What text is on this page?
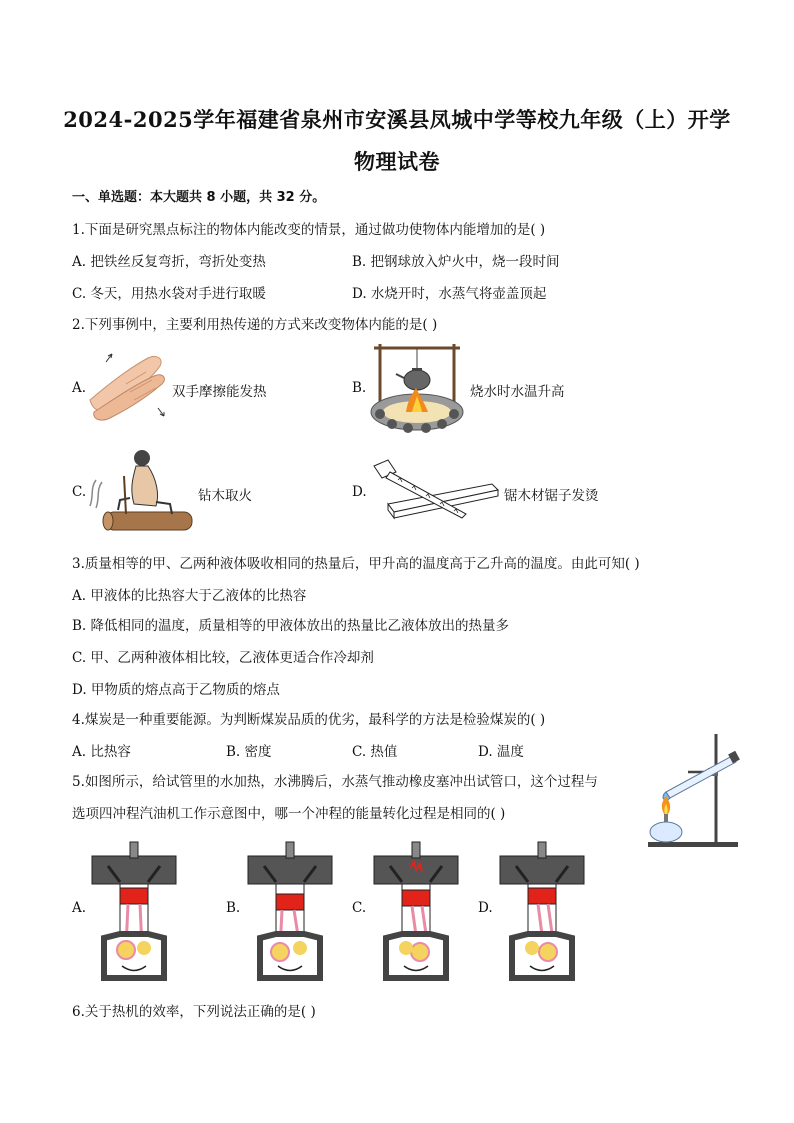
2024-2025学年福建省泉州市安溪县凤城中学等校九年级（上）开学
物理试卷
一、单选题：本大题共 8 小题，共 32 分。
1.下面是研究黑点标注的物体内能改变的情景，通过做功使物体内能增加的是( )
A. 把铁丝反复弯折，弯折处变热	B. 把钢球放入炉火中，烧一段时间
C. 冬天，用热水袋对手进行取暖	D. 水烧开时，水蒸气将壶盖顶起
2.下列事例中，主要利用热传递的方式来改变物体内能的是( )
A.	双手摩擦能发热	B.	烧水时水温升高
C.	钻木取火	D.	锯木材锯子发烫
3.质量相等的甲、乙两种液体吸收相同的热量后，甲升高的温度高于乙升高的温度。由此可知( )
A. 甲液体的比热容大于乙液体的比热容
B. 降低相同的温度，质量相等的甲液体放出的热量比乙液体放出的热量多
C. 甲、乙两种液体相比较，乙液体更适合作冷却剂
D. 甲物质的熔点高于乙物质的熔点
4.煤炭是一种重要能源。为判断煤炭品质的优劣，最科学的方法是检验煤炭的( )
A. 比热容	B. 密度	C. 热值	D. 温度
5.如图所示，给试管里的水加热，水沸腾后，水蒸气推动橡皮塞冲出试管口，这个过程与
选项四冲程汽油机工作示意图中，哪一个冲程的能量转化过程是相同的( )
A.	B.	C.	D.
6.关于热机的效率，下列说法正确的是( )
